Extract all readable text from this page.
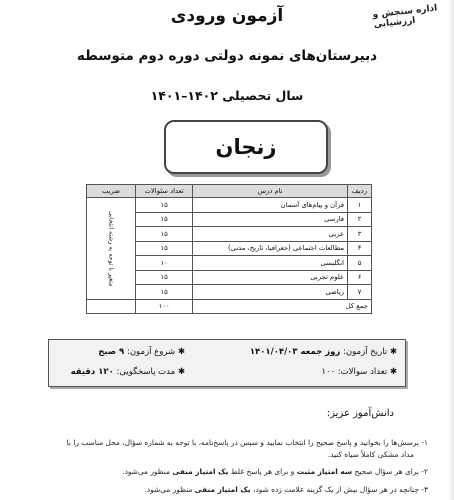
اداره سنجش و ارزشیابی
آزمون ورودی
دبیرستان‌های نمونه دولتی دوره دوم متوسطه
سال تحصیلی ۱۴۰۲–۱۴۰۱
زنجان
ردیف	نام درس	تعداد سئوالات	ضریب
۱	قرآن و پیام‌های آسمان	۱۵	متغیر با توجه به رشته انتخابی
۲	فارسی	۱۵	
۳	عربی	۱۵	
۴	مطالعات اجتماعی (جغرافیا، تاریخ، مدنی)	۱۵	
۵	انگلیسی	۱۰	
۶	علوم تجربی	۱۵	
۷	ریاضی	۱۵	
جمع کل		۱۰۰	
✱ تاریخ آزمون: روز جمعه ۱۴۰۱/۰۴/۰۳
✱ شروع آزمون: ۹ صبح
✱ تعداد سوالات: ۱۰۰
✱ مدت پاسخگویی: ۱۲۰ دقیقه
دانش‌آموز عزیز:
۱- پرسش‌ها را بخوانید و پاسخ صحیح را انتخاب نمایید و سپس در پاسخ‌نامه، با توجه به شماره سؤال، محل مناسب را با
مداد مشکی کاملاً سیاه کنید.
۲- برای هر سؤال صحیح سه امتیاز مثبت و برای هر پاسخ غلط یک امتیاز منفی منظور می‌شود.
۳- چنانچه در هر سؤال بیش از یک گزینه علامت زده شود، یک امتیاز منفی منظور می‌شود.
